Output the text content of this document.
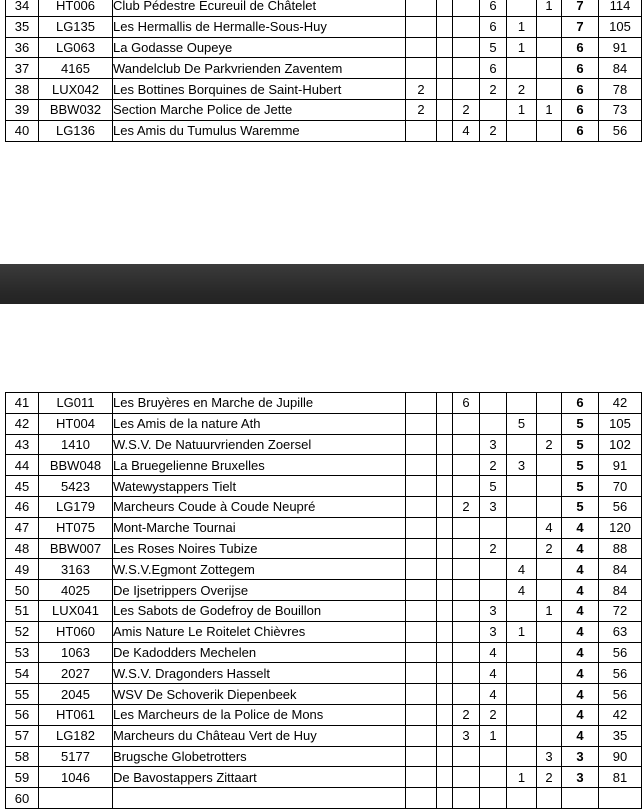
34	HT006	Club Pédestre Ecureuil de Châtelet				6		1	7	114
35	LG135	Les Hermallis de Hermalle-Sous-Huy				6	1		7	105
36	LG063	La Godasse Oupeye				5	1		6	91
37	4165	Wandelclub De Parkvrienden Zaventem				6			6	84
38	LUX042	Les Bottines Borquines de Saint-Hubert	2			2	2		6	78
39	BBW032	Section Marche Police de Jette	2		2		1	1	6	73
40	LG136	Les Amis du Tumulus Waremme			4	2			6	56
41	LG011	Les Bruyères en Marche de Jupille			6				6	42
42	HT004	Les Amis de la nature Ath					5		5	105
43	1410	W.S.V. De Natuurvrienden Zoersel				3		2	5	102
44	BBW048	La Bruegelienne Bruxelles				2	3		5	91
45	5423	Watewystappers Tielt				5			5	70
46	LG179	Marcheurs Coude à Coude Neupré			2	3			5	56
47	HT075	Mont-Marche Tournai						4	4	120
48	BBW007	Les Roses Noires Tubize				2		2	4	88
49	3163	W.S.V.Egmont Zottegem					4		4	84
50	4025	De Ijsetrippers Overijse					4		4	84
51	LUX041	Les Sabots de Godefroy de Bouillon				3		1	4	72
52	HT060	Amis Nature Le Roitelet Chièvres				3	1		4	63
53	1063	De Kadodders Mechelen				4			4	56
54	2027	W.S.V. Dragonders Hasselt				4			4	56
55	2045	WSV De Schoverik Diepenbeek				4			4	56
56	HT061	Les Marcheurs de la Police de Mons			2	2			4	42
57	LG182	Marcheurs du Château Vert de Huy			3	1			4	35
58	5177	Brugsche Globetrotters						3	3	90
59	1046	De Bavostappers Zittaart					1	2	3	81
60										
